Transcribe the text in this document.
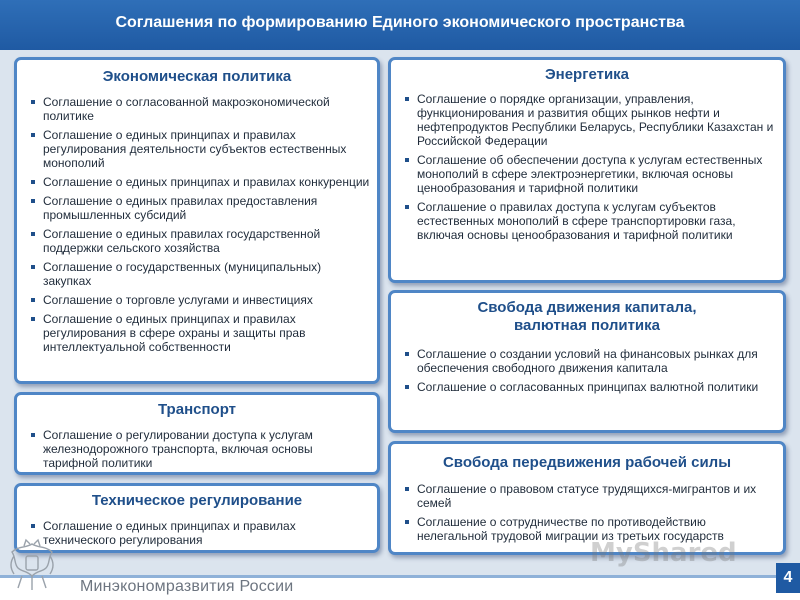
Соглашения по формированию Единого экономического пространства
Экономическая политика
Соглашение о согласованной макроэкономической политике
Соглашение о единых принципах и правилах регулирования деятельности субъектов естественных монополий
Соглашение о единых принципах и правилах конкуренции
Соглашение о единых правилах предоставления промышленных субсидий
Соглашение о единых правилах государственной поддержки сельского хозяйства
Соглашение о государственных (муниципальных) закупках
Соглашение о торговле услугами и инвестициях
Соглашение о единых принципах и правилах регулирования в сфере охраны и защиты прав интеллектуальной собственности
Транспорт
Соглашение о регулировании доступа к услугам железнодорожного транспорта, включая основы тарифной политики
Техническое регулирование
Соглашение о единых принципах и правилах технического регулирования
Энергетика
Соглашение о порядке организации, управления, функционирования и развития общих рынков нефти и нефтепродуктов Республики Беларусь, Республики Казахстан и Российской Федерации
Соглашение об обеспечении доступа к услугам естественных монополий в сфере электроэнергетики, включая основы ценообразования и тарифной политики
Соглашение о правилах доступа к услугам субъектов естественных монополий в сфере транспортировки газа, включая основы ценообразования и тарифной политики
Свобода движения капитала,
валютная политика
Соглашение о создании условий на финансовых рынках для обеспечения свободного движения капитала
Соглашение о согласованных принципах валютной политики
Свобода передвижения рабочей силы
Соглашение о правовом статусе трудящихся-мигрантов и их семей
Соглашение о сотрудничестве по противодействию нелегальной трудовой миграции из третьих государств
MyShared
Минэкономразвития России
4
